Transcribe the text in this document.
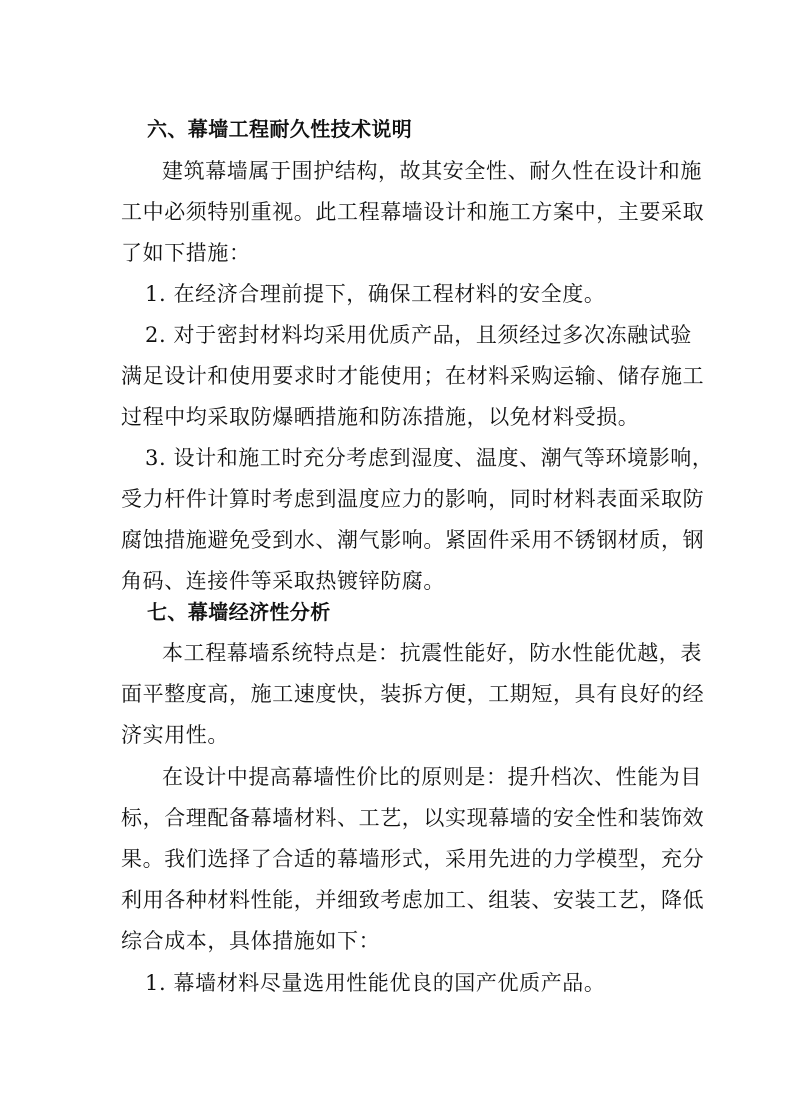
六、幕墙工程耐久性技术说明
建筑幕墙属于围护结构，故其安全性、耐久性在设计和施
工中必须特别重视。此工程幕墙设计和施工方案中，主要采取
了如下措施：
1. 在经济合理前提下，确保工程材料的安全度。
2. 对于密封材料均采用优质产品，且须经过多次冻融试验
满足设计和使用要求时才能使用；在材料采购运输、储存施工
过程中均采取防爆晒措施和防冻措施，以免材料受损。
3. 设计和施工时充分考虑到湿度、温度、潮气等环境影响，
受力杆件计算时考虑到温度应力的影响，同时材料表面采取防
腐蚀措施避免受到水、潮气影响。紧固件采用不锈钢材质，钢
角码、连接件等采取热镀锌防腐。
七、幕墙经济性分析
本工程幕墙系统特点是：抗震性能好，防水性能优越，表
面平整度高，施工速度快，装拆方便，工期短，具有良好的经
济实用性。
在设计中提高幕墙性价比的原则是：提升档次、性能为目
标，合理配备幕墙材料、工艺，以实现幕墙的安全性和装饰效
果。我们选择了合适的幕墙形式，采用先进的力学模型，充分
利用各种材料性能，并细致考虑加工、组装、安装工艺，降低
综合成本，具体措施如下：
1. 幕墙材料尽量选用性能优良的国产优质产品。
